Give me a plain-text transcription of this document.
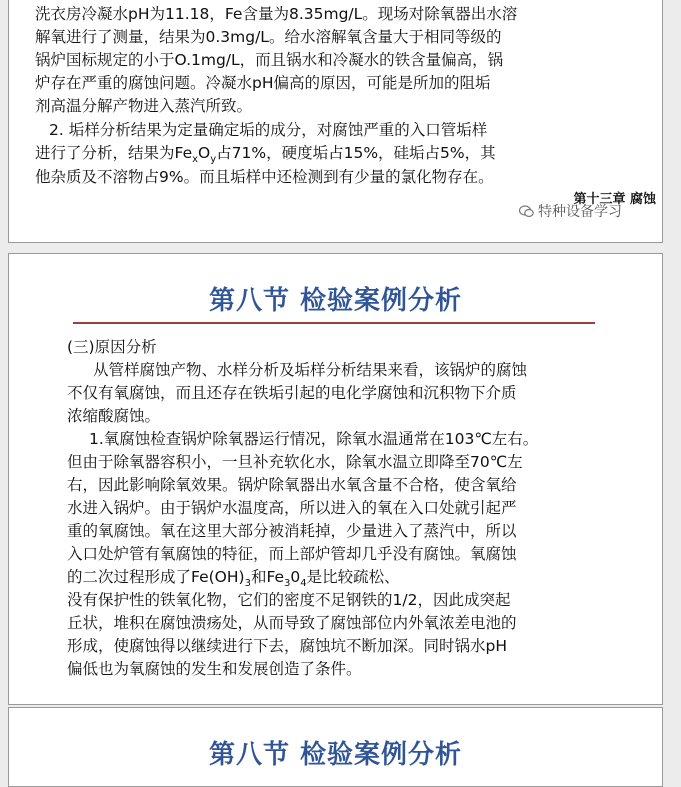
洗衣房冷凝水pH为11.18，Fe含量为8.35mg/L。现场对除氧器出水溶

解氧进行了测量，结果为0.3mg/L。给水溶解氧含量大于相同等级的

锅炉国标规定的小于O.1mg/L，而且锅水和冷凝水的铁含量偏高，锅

炉存在严重的腐蚀问题。冷凝水pH偏高的原因，可能是所加的阻垢

剂高温分解产物进入蒸汽所致。

2. 垢样分析结果为定量确定垢的成分，对腐蚀严重的入口管垢样

进行了分析，结果为$Fe_xO_y$占71%，硬度垢占15%，硅垢占5%，其

他杂质及不溶物占9%。而且垢样中还检测到有少量的氯化物存在。

第十三章 腐蚀
特种设备学习
第八节 检验案例分析

(三)原因分析

从管样腐蚀产物、水样分析及垢样分析结果来看，该锅炉的腐蚀

不仅有氧腐蚀，而且还存在铁垢引起的电化学腐蚀和沉积物下介质

浓缩酸腐蚀。

1.氧腐蚀检查锅炉除氧器运行情况，除氧水温通常在103℃左右。

但由于除氧器容积小，一旦补充软化水，除氧水温立即降至70℃左

右，因此影响除氧效果。锅炉除氧器出水氧含量不合格，使含氧给

水进入锅炉。由于锅炉水温度高，所以进入的氧在入口处就引起严

重的氧腐蚀。氧在这里大部分被消耗掉，少量进入了蒸汽中，所以

入口处炉管有氧腐蚀的特征，而上部炉管却几乎没有腐蚀。氧腐蚀

的二次过程形成了$Fe(OH)_3$和$Fe_30_4$是比较疏松、

没有保护性的铁氧化物，它们的密度不足钢铁的1/2，因此成突起

丘状，堆积在腐蚀溃疡处，从而导致了腐蚀部位内外氧浓差电池的

形成，使腐蚀得以继续进行下去，腐蚀坑不断加深。同时锅水pH

偏低也为氧腐蚀的发生和发展创造了条件。

第八节 检验案例分析
